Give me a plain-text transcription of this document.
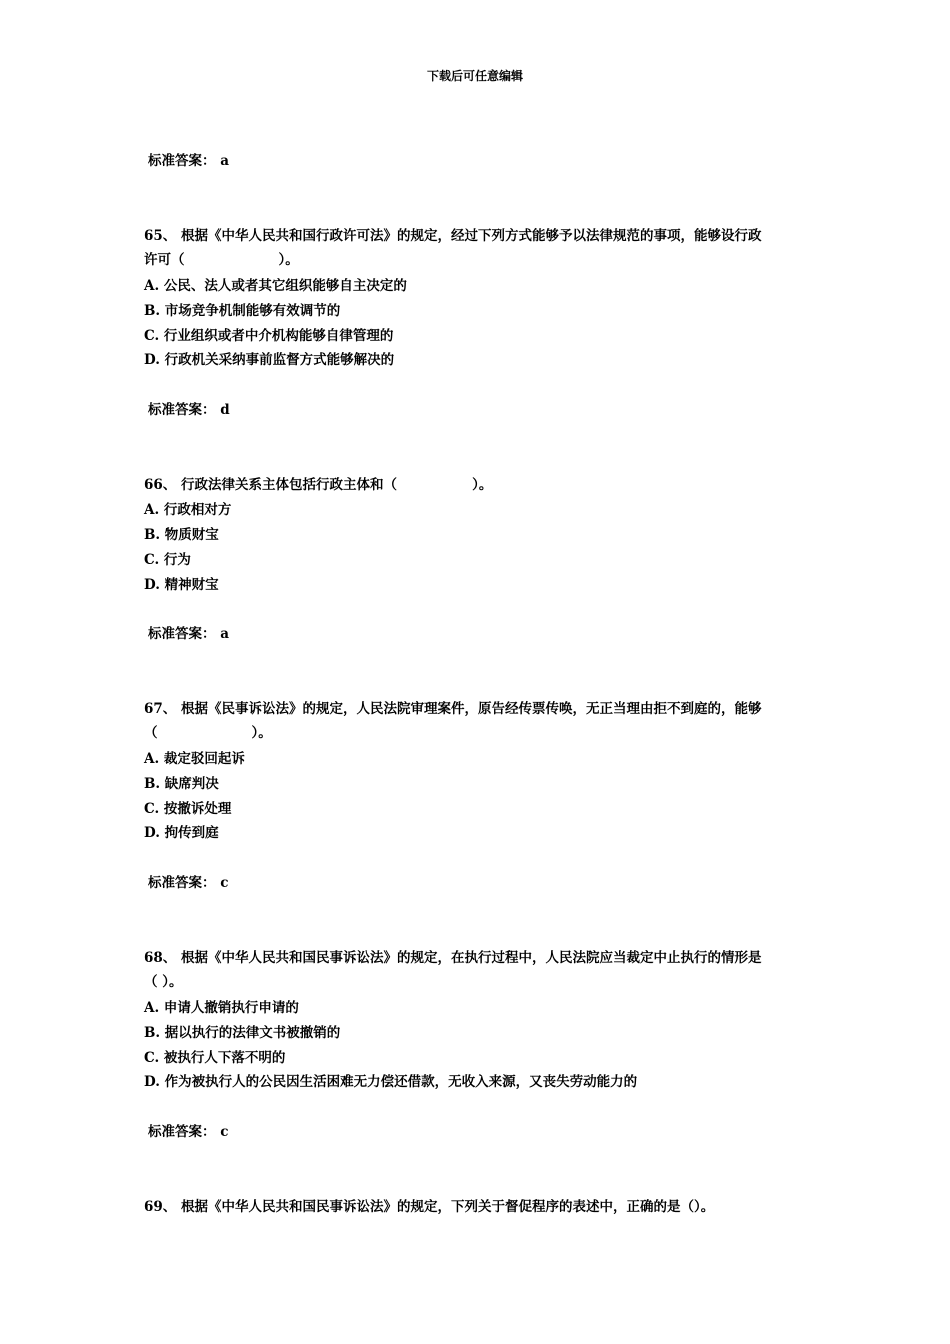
下载后可任意编辑
标准答案： a
65、 根据《中华人民共和国行政许可法》的规定，经过下列方式能够予以法律规范的事项，能够设行政
许可（                    ）。
A. 公民、法人或者其它组织能够自主决定的
B. 市场竞争机制能够有效调节的
C. 行业组织或者中介机构能够自律管理的
D. 行政机关采纳事前监督方式能够解决的
标准答案： d
66、 行政法律关系主体包括行政主体和（                ）。
A. 行政相对方
B. 物质财宝
C. 行为
D. 精神财宝
标准答案： a
67、 根据《民事诉讼法》的规定，人民法院审理案件，原告经传票传唤，无正当理由拒不到庭的，能够
（                    ）。
A. 裁定驳回起诉
B. 缺席判决
C. 按撤诉处理
D. 拘传到庭
标准答案： c
68、 根据《中华人民共和国民事诉讼法》的规定，在执行过程中，人民法院应当裁定中止执行的情形是
（ ）。
A. 申请人撤销执行申请的
B. 据以执行的法律文书被撤销的
C. 被执行人下落不明的
D. 作为被执行人的公民因生活困难无力偿还借款，无收入来源，又丧失劳动能力的
标准答案： c
69、 根据《中华人民共和国民事诉讼法》的规定，下列关于督促程序的表述中，正确的是（）。
